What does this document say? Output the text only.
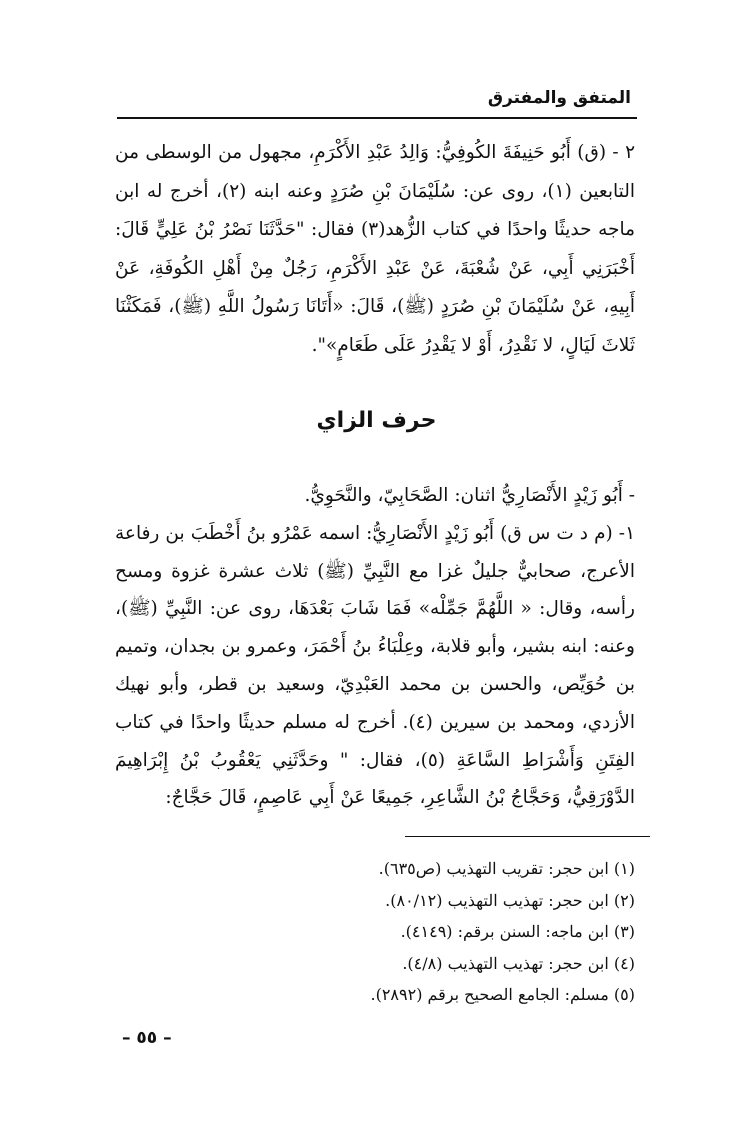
المتفق والمفترق

٢ - (ق) أَبُو حَنِيفَةَ الكُوفِيُّ: وَالِدُ عَبْدِ الأَكْرَمِ، مجهول من الوسطى من التابعين (١)، روى عن: سُلَيْمَانَ بْنِ صُرَدٍ وعنه ابنه (٢)، أخرج له ابن ماجه حديثًا واحدًا في كتاب الزُّهد(٣) فقال: "حَدَّثَنَا نَصْرُ بْنُ عَلِيٍّ قَالَ: أَخْبَرَنِي أَبِي، عَنْ شُعْبَةَ، عَنْ عَبْدِ الأَكْرَمِ، رَجُلٌ مِنْ أَهْلِ الكُوفَةِ، عَنْ أَبِيهِ، عَنْ سُلَيْمَانَ بْنِ صُرَدٍ (ﷺ)، قَالَ: «أَتَانَا رَسُولُ اللَّهِ (ﷺ)، فَمَكَثْنَا ثَلاثَ لَيَالٍ، لا نَقْدِرُ، أَوْ لا يَقْدِرُ عَلَى طَعَامٍ»".

حرف الزاي

- أَبُو زَيْدٍ الأَنْصَارِيُّ اثنان: الصَّحَابِيّ، والنَّحَوِيُّ.

١- (م د ت س ق) أَبُو زَيْدٍ الأَنْصَارِيُّ: اسمه عَمْرُو بنُ أَخْطَبَ بن رفاعة الأعرج، صحابيٌّ جليلٌ غزا مع النَّبِيِّ (ﷺ) ثلاث عشرة غزوة ومسح رأسه، وقال: « اللَّهُمَّ جَمِّلْه» فَمَا شَابَ بَعْدَهَا، روى عن: النَّبِيِّ (ﷺ)، وعنه: ابنه بشير، وأبو قلابة، وعِلْبَاءُ بنُ أَحْمَرَ، وعمرو بن بجدان، وتميم بن حُوَيِّص، والحسن بن محمد العَبْدِيّ، وسعيد بن قطر، وأبو نهيك الأزدي، ومحمد بن سيرين (٤). أخرج له مسلم حديثًا واحدًا في كتاب الفِتَنِ وَأَشْرَاطِ السَّاعَةِ (٥)، فقال: " وحَدَّثَنِي يَعْقُوبُ بْنُ إِبْرَاهِيمَ الدَّوْرَقِيُّ، وَحَجَّاجُ بْنُ الشَّاعِرِ، جَمِيعًا عَنْ أَبِي عَاصِمٍ، قَالَ حَجَّاجٌ:

(١) ابن حجر: تقريب التهذيب (ص٦٣٥).

(٢) ابن حجر: تهذيب التهذيب (٨٠/١٢).

(٣) ابن ماجه: السنن برقم: (٤١٤٩).

(٤) ابن حجر: تهذيب التهذيب (٤/٨).

(٥) مسلم: الجامع الصحيح برقم (٢٨٩٢).

– ٥٥ –
